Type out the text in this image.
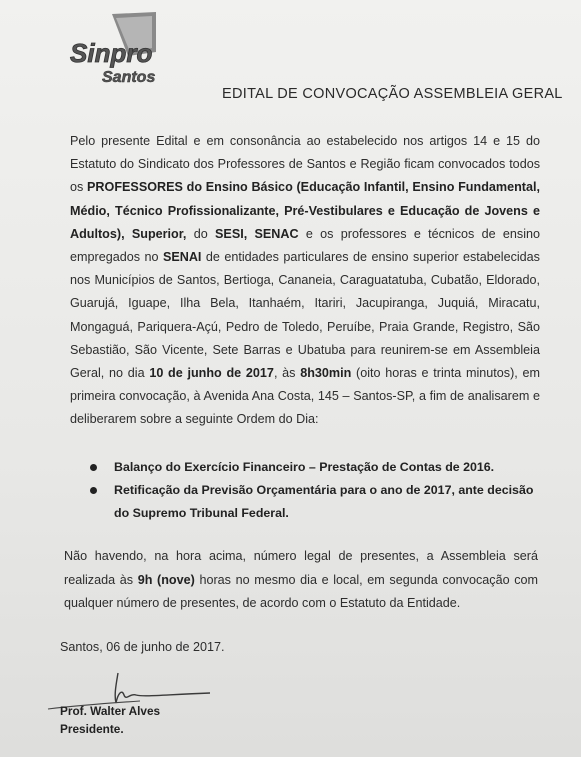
Sinpro
Santos
EDITAL DE CONVOCAÇÃO ASSEMBLEIA GERAL
Pelo presente Edital e em consonância ao estabelecido nos artigos 14 e 15 do Estatuto do Sindicato dos Professores de Santos e Região ficam convocados todos os PROFESSORES do Ensino Básico (Educação Infantil, Ensino Fundamental, Médio, Técnico Profissionalizante, Pré-Vestibulares e Educação de Jovens e Adultos), Superior, do SESI, SENAC e os professores e técnicos de ensino empregados no SENAI de entidades particulares de ensino superior estabelecidas nos Municípios de Santos, Bertioga, Cananeia, Caraguatatuba, Cubatão, Eldorado, Guarujá, Iguape, Ilha Bela, Itanhaém, Itariri, Jacupiranga, Juquiá, Miracatu, Mongaguá, Pariquera-Açú, Pedro de Toledo, Peruíbe, Praia Grande, Registro, São Sebastião, São Vicente, Sete Barras e Ubatuba para reunirem-se em Assembleia Geral, no dia 10 de junho de 2017, às 8h30min (oito horas e trinta minutos), em primeira convocação, à Avenida Ana Costa, 145 – Santos-SP, a fim de analisarem e deliberarem sobre a seguinte Ordem do Dia:
Balanço do Exercício Financeiro – Prestação de Contas de 2016.
Retificação da Previsão Orçamentária para o ano de 2017, ante decisão do Supremo Tribunal Federal.
Não havendo, na hora acima, número legal de presentes, a Assembleia será realizada às 9h (nove) horas no mesmo dia e local, em segunda convocação com qualquer número de presentes, de acordo com o Estatuto da Entidade.
Santos, 06 de junho de 2017.
Prof. Walter Alves
Presidente.
